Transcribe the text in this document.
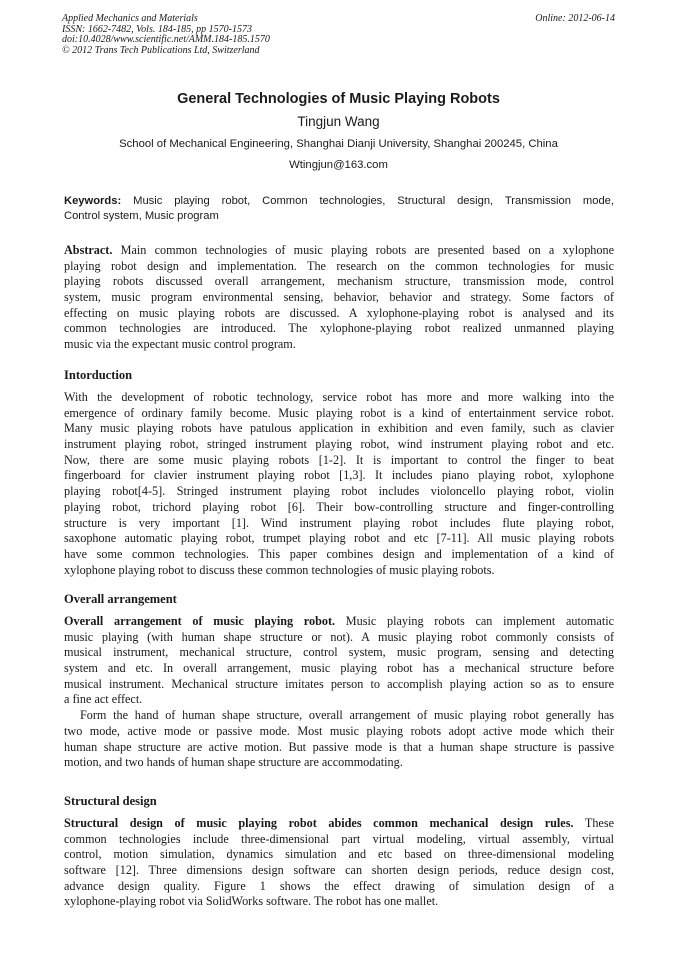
Applied Mechanics and Materials
ISSN: 1662-7482, Vols. 184-185, pp 1570-1573
doi:10.4028/www.scientific.net/AMM.184-185.1570
© 2012 Trans Tech Publications Ltd, Switzerland
Online: 2012-06-14
General Technologies of Music Playing Robots
Tingjun Wang
School of Mechanical Engineering, Shanghai Dianji University, Shanghai 200245, China
Wtingjun@163.com
Keywords: Music playing robot, Common technologies, Structural design, Transmission mode,
Control system, Music program
Abstract. Main common technologies of music playing robots are presented based on a xylophone
playing robot design and implementation. The research on the common technologies for music
playing robots discussed overall arrangement, mechanism structure, transmission mode, control
system, music program environmental sensing, behavior, behavior and strategy. Some factors of
effecting on music playing robots are discussed. A xylophone-playing robot is analysed and its
common technologies are introduced. The xylophone-playing robot realized unmanned playing
music via the expectant music control program.
Intorduction
With the development of robotic technology, service robot has more and more walking into the
emergence of ordinary family become. Music playing robot is a kind of entertainment service robot.
Many music playing robots have patulous application in exhibition and even family, such as clavier
instrument playing robot, stringed instrument playing robot, wind instrument playing robot and etc.
Now, there are some music playing robots [1-2]. It is important to control the finger to beat
fingerboard for clavier instrument playing robot [1,3]. It includes piano playing robot, xylophone
playing robot[4-5]. Stringed instrument playing robot includes violoncello playing robot, violin
playing robot, trichord playing robot [6]. Their bow-controlling structure and finger-controlling
structure is very important [1]. Wind instrument playing robot includes flute playing robot,
saxophone automatic playing robot, trumpet playing robot and etc [7-11]. All music playing robots
have some common technologies. This paper combines design and implementation of a kind of
xylophone playing robot to discuss these common technologies of music playing robots.
Overall arrangement
Overall arrangement of music playing robot. Music playing robots can implement automatic
music playing (with human shape structure or not). A music playing robot commonly consists of
musical instrument, mechanical structure, control system, music program, sensing and detecting
system and etc. In overall arrangement, music playing robot has a mechanical structure before
musical instrument. Mechanical structure imitates person to accomplish playing action so as to ensure
a fine act effect.
Form the hand of human shape structure, overall arrangement of music playing robot generally has
two mode, active mode or passive mode. Most music playing robots adopt active mode which their
human shape structure are active motion. But passive mode is that a human shape structure is passive
motion, and two hands of human shape structure are accommodating.
Structural design
Structural design of music playing robot abides common mechanical design rules. These
common technologies include three-dimensional part virtual modeling, virtual assembly, virtual
control, motion simulation, dynamics simulation and etc based on three-dimensional modeling
software [12]. Three dimensions design software can shorten design periods, reduce design cost,
advance design quality. Figure 1 shows the effect drawing of simulation design of a
xylophone-playing robot via SolidWorks software. The robot has one mallet.
